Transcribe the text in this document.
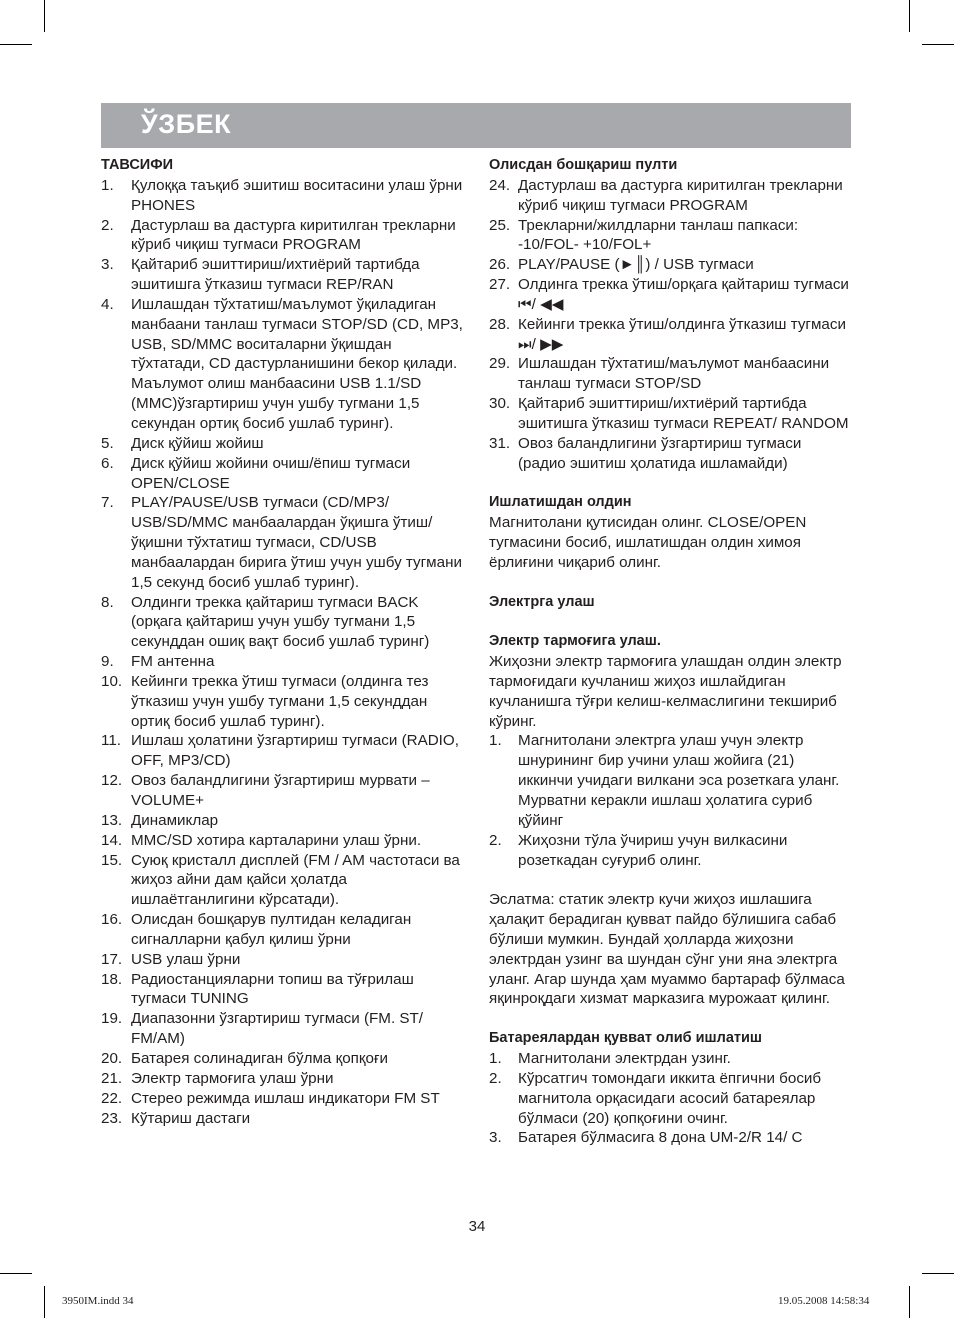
ЎЗБЕК
ТАВСИФИ
1. Қулоққа таъқиб эшитиш воситасини улаш ўрни PHONES
2. Дастурлаш ва дастурга киритилган трекларни кўриб чиқиш тугмаси PROGRAM
3. Қайтариб эшиттириш/ихтиёрий тартибда эшитишга ўтказиш тугмаси REP/RAN
4. Ишлашдан тўхтатиш/маълумот ўқиладиган манбаани танлаш тугмаси STOP/SD (CD, MP3, USB, SD/MMC воситаларни ўқишдан тўхтатади, CD дастурланишини бекор қилади. Маълумот олиш манбаасини USB 1.1/SD (MMC)ўзгартириш учун ушбу тугмани 1,5 секундан ортиқ босиб ушлаб туринг).
5. Диск қўйиш жойиш
6. Диск қўйиш жойини очиш/ёпиш тугмаси OPEN/CLOSE
7. PLAY/PAUSE/USB тугмаси (CD/MP3/ USB/SD/MMC манбаалардан ўқишга ўтиш/ўқишни тўхтатиш тугмаси, CD/USB манбаалардан бирига ўтиш учун ушбу тугмани 1,5 секунд босиб ушлаб туринг).
8. Олдинги трекка қайтариш тугмаси BACK (орқага қайтариш учун ушбу тугмани 1,5 секунддан ошиқ вақт босиб ушлаб туринг)
9. FM антенна
10. Кейинги трекка ўтиш тугмаси (олдинга тез ўтказиш учун ушбу тугмани 1,5 секунддан ортиқ босиб ушлаб туринг).
11. Ишлаш ҳолатини ўзгартириш тугмаси (RADIO, OFF, MP3/CD)
12. Овоз баландлигини ўзгартириш мурвати – VOLUME+
13. Динамиклар
14. MMC/SD хотира карталарини улаш ўрни.
15. Суюқ кристалл дисплей (FM / AM частотаси ва жиҳоз айни дам қайси ҳолатда ишлаётганлигини кўрсатади).
16. Олисдан бошқарув пултидан келадиган сигналларни қабул қилиш ўрни
17. USB улаш ўрни
18. Радиостанцияларни топиш ва тўғрилаш тугмаси TUNING
19. Диапазонни ўзгартириш тугмаси (FM. ST/ FM/AM)
20. Батарея солинадиган бўлма қопқоғи
21. Электр тармоғига улаш ўрни
22. Стерео режимда ишлаш индикатори FM ST
23. Кўтариш дастаги
Олисдан бошқариш пулти
24. Дастурлаш ва дастурга киритилган трекларни кўриб чиқиш тугмаси PROGRAM
25. Трекларни/жилдларни танлаш папкаси: -10/FOL- +10/FOL+
26. PLAY/PAUSE (►║) / USB тугмаси
27. Олдинга трекка ўтиш/орқага қайтариш тугмаси ⏮/ ◀◀
28. Кейинги трекка ўтиш/олдинга ўтказиш тугмаси ⏭/ ▶▶
29. Ишлашдан тўхтатиш/маълумот манбаасини танлаш тугмаси STOP/SD
30. Қайтариб эшиттириш/ихтиёрий тартибда эшитишга ўтказиш тугмаси REPEAT/ RANDOM
31. Овоз баландлигини ўзгартириш тугмаси (радио эшитиш ҳолатида ишламайди)
Ишлатишдан олдин
Магнитолани қутисидан олинг. CLOSE/OPEN тугмасини босиб, ишлатишдан олдин химоя ёрлиғини чиқариб олинг.
Электрга улаш
Электр тармоғига улаш.
Жиҳозни электр тармоғига улашдан олдин электр тармоғидаги кучланиш жиҳоз ишлайдиган кучланишга тўғри келиш-келмаслигини текшириб кўринг.
1. Магнитолани электрга улаш учун электр шнурининг бир учини улаш жойига (21) иккинчи учидаги вилкани эса розеткага уланг. Мурватни керакли ишлаш ҳолатига суриб қўйинг
2. Жиҳозни тўла ўчириш учун вилкасини розеткадан суғуриб олинг.
Эслатма: статик электр кучи жиҳоз ишлашига ҳалақит берадиган қувват пайдо бўлишига сабаб бўлиши мумкин. Бундай ҳолларда жиҳозни электрдан узинг ва шундан сўнг уни яна электрга уланг. Агар шунда ҳам муаммо бартараф бўлмаса яқинроқдаги хизмат марказига мурожаат қилинг.
Батареялардан қувват олиб ишлатиш
1. Магнитолани электрдан узинг.
2. Кўрсатгич томондаги иккита ёпгични босиб магнитола орқасидаги асосий батареялар бўлмаси (20) қопқоғини очинг.
3. Батарея бўлмасига 8 дона UM-2/R 14/ С
34
3950IM.indd 34	19.05.2008 14:58:34
